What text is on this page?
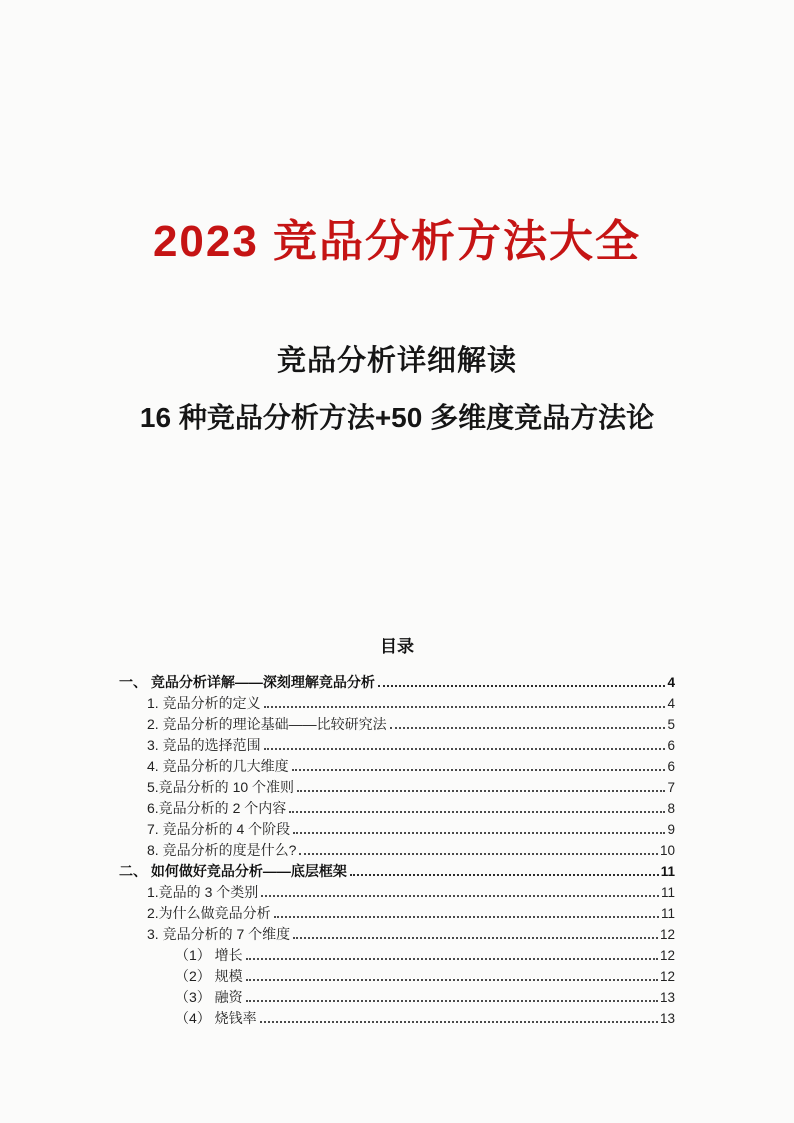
2023 竞品分析方法大全
竞品分析详细解读
16 种竞品分析方法+50 多维度竞品方法论
目录
一、 竞品分析详解——深刻理解竞品分析	4
1. 竞品分析的定义	4
2. 竞品分析的理论基础——比较研究法	5
3. 竞品的选择范围	6
4. 竞品分析的几大维度	6
5.竞品分析的 10 个准则	7
6.竞品分析的 2 个内容	8
7. 竞品分析的 4 个阶段	9
8. 竞品分析的度是什么?	10
二、 如何做好竞品分析——底层框架	11
1.竞品的 3 个类别	11
2.为什么做竞品分析	11
3. 竞品分析的 7 个维度	12
（1） 增长	12
（2） 规模	12
（3） 融资	13
（4） 烧钱率	13
